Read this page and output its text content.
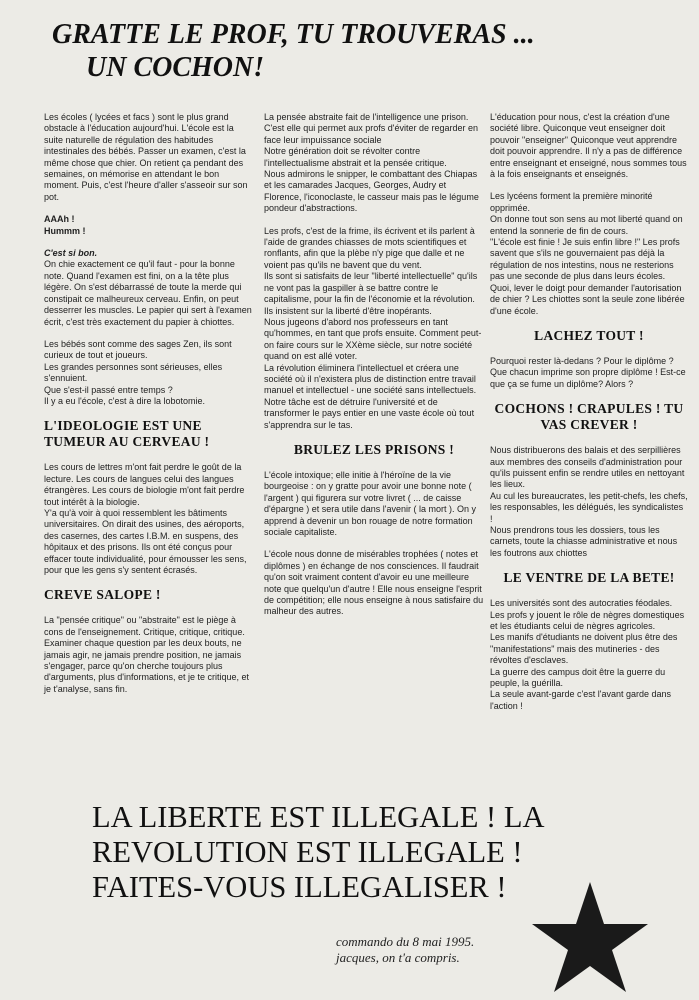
GRATTE LE PROF, TU TROUVERAS ...
UN COCHON!

Les écoles ( lycées et facs ) sont le plus grand obstacle à l'éducation aujourd'hui. L'école est la suite naturelle de régulation des habitudes intestinales des bébés. Passer un examen, c'est la même chose que chier. On retient ça pendant des semaines, on mémorise en attendant le bon moment. Puis, c'est l'heure d'aller s'asseoir sur son pot.

AAAh !

Hummm !

C'est si bon.

On chie exactement ce qu'il faut - pour la bonne note. Quand l'examen est fini, on a la tête plus légère. On s'est débarrassé de toute la merde qui constipait ce malheureux cerveau. Enfin, on peut desserrer les muscles. Le papier qui sert à l'examen écrit, c'est très exactement du papier à chiottes.

Les bébés sont comme des sages Zen, ils sont curieux de tout et joueurs.
Les grandes personnes sont sérieuses, elles s'ennuient.
Que s'est-il passé entre temps ?
Il y a eu l'école, c'est à dire la lobotomie.

L'IDEOLOGIE EST UNE TUMEUR AU CERVEAU !

Les cours de lettres m'ont fait perdre le goût de la lecture. Les cours de langues celui des langues étrangères. Les cours de biologie m'ont fait perdre tout intérêt à la biologie.
Y'a qu'à voir à quoi ressemblent les bâtiments universitaires. On dirait des usines, des aéroports, des casernes, des cartes I.B.M. en suspens, des hôpitaux et des prisons. Ils ont été conçus pour effacer toute individualité, pour émousser les sens,
pour que les gens s'y sentent écrasés.

CREVE SALOPE !

La "pensée critique" ou "abstraite" est le piège à cons de l'enseignement. Critique, critique, critique.
Examiner chaque question par les deux bouts, ne jamais agir, ne jamais prendre position, ne jamais s'engager, parce qu'on cherche toujours plus d'arguments, plus d'informations, et je te critique, et je t'analyse, sans fin.

La pensée abstraite fait de l'intelligence une prison. C'est elle qui permet aux profs d'éviter de regarder en face leur impuissance sociale
Notre génération doit se révolter contre l'intellectualisme abstrait et la pensée critique.
Nous admirons le snipper, le combattant des Chiapas et les camarades Jacques, Georges, Audry et Florence, l'iconoclaste, le casseur mais pas le légume pondeur d'abstractions.

Les profs, c'est de la frime, ils écrivent et ils parlent à l'aide de grandes chiasses de mots scientifiques et ronflants, afin que la plèbe n'y pige que dalle et ne voient pas qu'ils ne bavent que du vent.
Ils sont si satisfaits de leur "liberté intellectuelle" qu'ils ne vont pas la gaspiller à se battre contre le capitalisme, pour la fin de l'économie et la révolution. Ils insistent sur la liberté d'être inopérants.
Nous jugeons d'abord nos professeurs en tant qu'hommes, en tant que profs ensuite. Comment peut-on faire cours sur le XXème siècle, sur notre société quand on est allé voter.
La révolution éliminera l'intellectuel et créera une société où il n'existera plus de distinction entre travail manuel et intellectuel - une société sans intellectuels. Notre tâche est de détruire l'université et de transformer le pays entier en une vaste école où tout s'apprendra sur le tas.

BRULEZ LES PRISONS !

L'école intoxique; elle initie à l'héroïne de la vie bourgeoise : on y gratte pour avoir une bonne note ( l'argent ) qui figurera sur votre livret ( ... de caisse d'épargne ) et sera utile dans l'avenir ( la mort ). On y apprend à devenir un bon rouage de notre formation sociale capitaliste.

L'école nous donne de misérables trophées ( notes et diplômes ) en échange de nos consciences. Il faudrait qu'on soit vraiment content d'avoir eu une meilleure note que quelqu'un d'autre ! Elle nous enseigne l'esprit de compétition; elle nous enseigne à nous satisfaire du malheur des autres.

L'éducation pour nous, c'est la création d'une société libre. Quiconque veut enseigner doit pouvoir "enseigner" Quiconque veut apprendre doit pouvoir apprendre. Il n'y a pas de différence entre enseignant et enseigné, nous sommes tous à la fois enseignants et enseignés.

Les lycéens forment la première minorité opprimée.
On donne tout son sens au mot liberté quand on entend la sonnerie de fin de cours.
"L'école est finie ! Je suis enfin libre !" Les profs savent que s'ils ne gouvernaient pas déjà la régulation de nos intestins, nous ne resterions pas une seconde de plus dans leurs écoles. Quoi, lever le doigt pour demander l'autorisation de chier ? Les chiottes sont la seule zone libérée d'une école.

LACHEZ TOUT !

Pourquoi rester là-dedans ? Pour le diplôme ? Que chacun imprime son propre diplôme ! Est-ce que ça se fume un diplôme? Alors ?

COCHONS ! CRAPULES ! TU VAS CREVER !

Nous distribuerons des balais et des serpillières aux membres des conseils d'administration pour qu'ils puissent enfin se rendre utiles en nettoyant les lieux.
Au cul les bureaucrates, les petit-chefs, les chefs, les responsables, les délégués, les syndicalistes !
Nous prendrons tous les dossiers, tous les carnets, toute la chiasse administrative et nous les foutrons aux chiottes

LE VENTRE DE LA BETE!

Les universités sont des autocraties féodales.
Les profs y jouent le rôle de nègres domestiques et les étudiants celui de nègres agricoles.
Les manifs d'étudiants ne doivent plus être des "manifestations" mais des mutineries - des révoltes d'esclaves.
La guerre des campus doit être la guerre du peuple, la guérilla.
La seule avant-garde c'est l'avant garde dans l'action !

LA LIBERTE EST ILLEGALE ! LA
REVOLUTION EST ILLEGALE !
FAITES-VOUS ILLEGALISER !
commando du 8 mai 1995.
jacques, on t'a compris.
